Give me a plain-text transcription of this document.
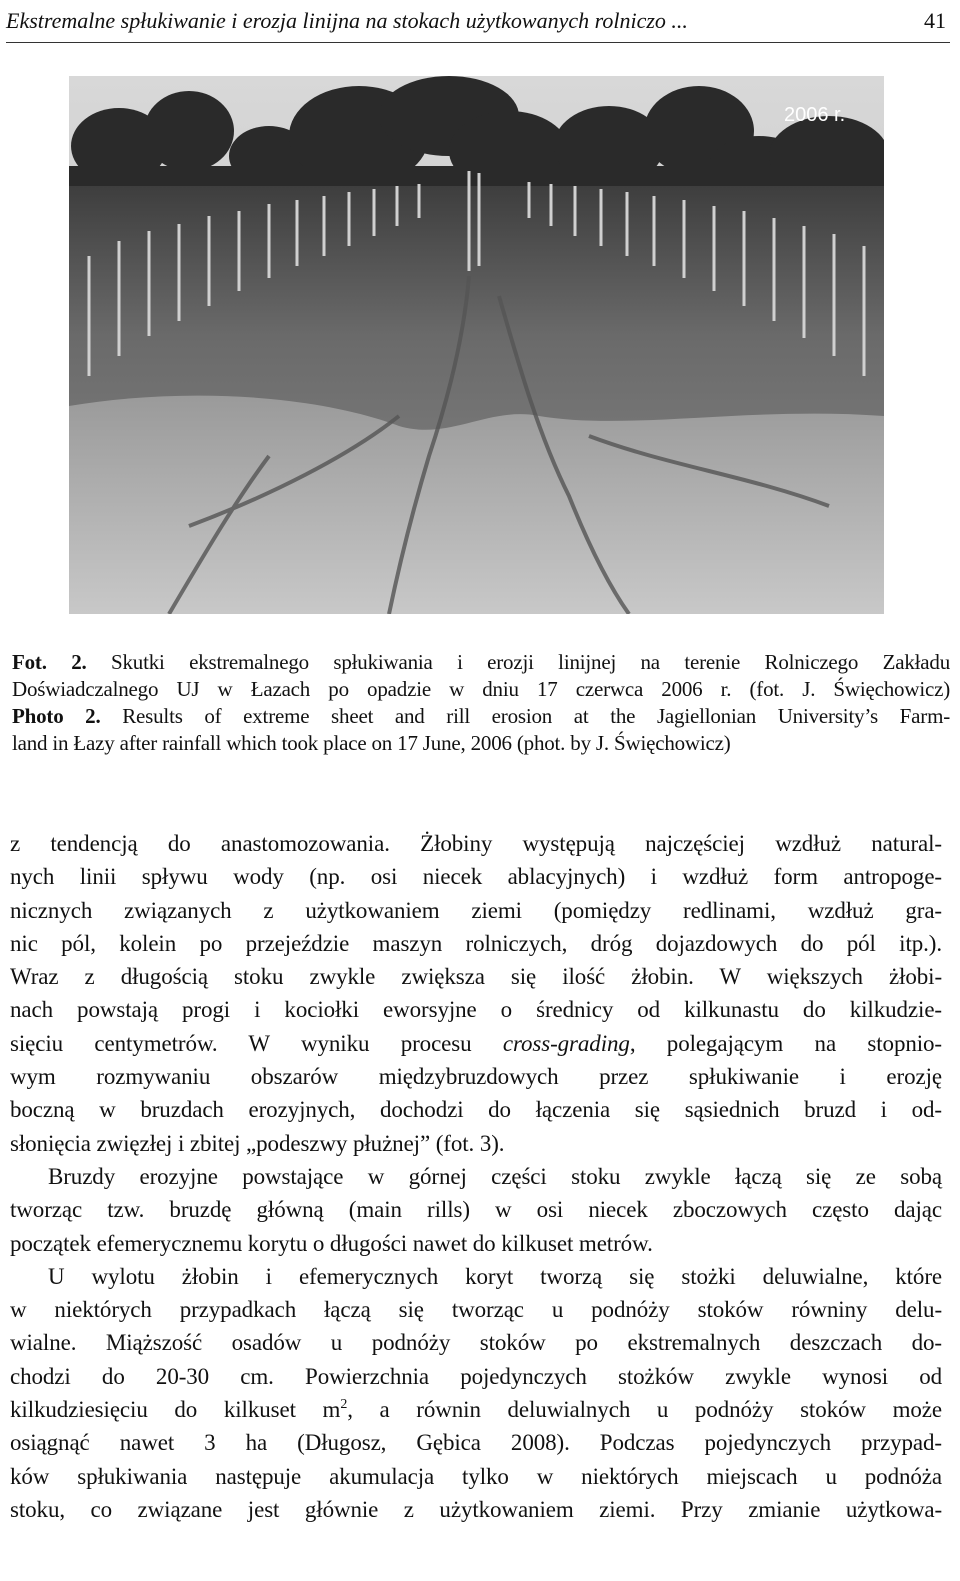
Ekstremalne spłukiwanie i erozja linijna na stokach użytkowanych rolniczo ...	41
2006 r.

Fot. 2. Skutki ekstremalnego spłukiwania i erozji linijnej na terenie Rolniczego Zakładu

Doświadczalnego UJ w Łazach po opadzie w dniu 17 czerwca 2006 r. (fot. J. Święchowicz)

Photo 2. Results of extreme sheet and rill erosion at the Jagiellonian University’s Farm-

land in Łazy after rainfall which took place on 17 June, 2006 (phot. by J. Święchowicz)

z tendencją do anastomozowania. Żłobiny występują najczęściej wzdłuż natural-
nych linii spływu wody (np. osi niecek ablacyjnych) i wzdłuż form antropoge-
nicznych związanych z użytkowaniem ziemi (pomiędzy redlinami, wzdłuż gra-
nic pól, kolein po przejeździe maszyn rolniczych, dróg dojazdowych do pól itp.).
Wraz z długością stoku zwykle zwiększa się ilość żłobin. W większych żłobi-
nach powstają progi i kociołki eworsyjne o średnicy od kilkunastu do kilkudzie-
sięciu centymetrów. W wyniku procesu cross-grading, polegającym na stopnio-
wym rozmywaniu obszarów międzybruzdowych przez spłukiwanie i erozję
boczną w bruzdach erozyjnych, dochodzi do łączenia się sąsiednich bruzd i od-
słonięcia zwięzłej i zbitej „podeszwy płużnej” (fot. 3).
Bruzdy erozyjne powstające w górnej części stoku zwykle łączą się ze sobą
tworząc tzw. bruzdę główną (main rills) w osi niecek zboczowych często dając
początek efemerycznemu korytu o długości nawet do kilkuset metrów.
U wylotu żłobin i efemerycznych koryt tworzą się stożki deluwialne, które
w niektórych przypadkach łączą się tworząc u podnóży stoków równiny delu-
wialne. Miąższość osadów u podnóży stoków po ekstremalnych deszczach do-
chodzi do 20-30 cm. Powierzchnia pojedynczych stożków zwykle wynosi od
kilkudziesięciu do kilkuset $m^2$, a równin deluwialnych u podnóży stoków może
osiągnąć nawet 3 ha (Długosz, Gębica 2008). Podczas pojedynczych przypad-
ków spłukiwania następuje akumulacja tylko w niektórych miejscach u podnóża
stoku, co związane jest głównie z użytkowaniem ziemi. Przy zmianie użytkowa-
